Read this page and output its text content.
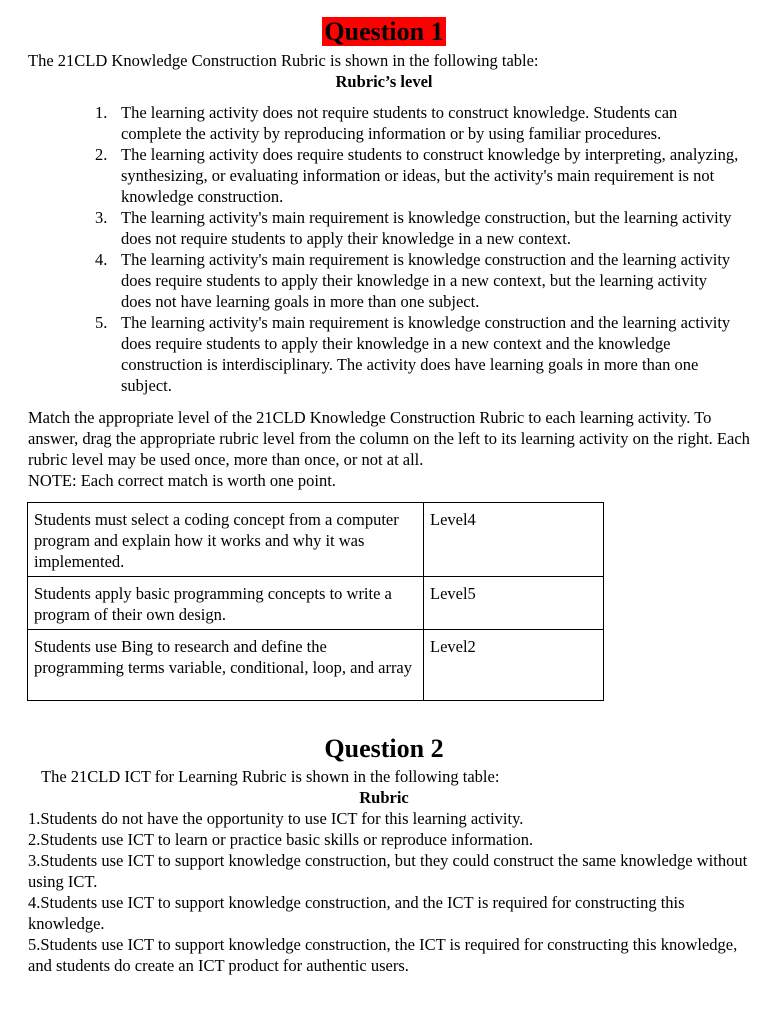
Question 1

The 21CLD Knowledge Construction Rubric is shown in the following table:

Rubric’s level

1. The learning activity does not require students to construct knowledge. Students can complete the activity by reproducing information or by using familiar procedures.
2. The learning activity does require students to construct knowledge by interpreting, analyzing, synthesizing, or evaluating information or ideas, but the activity's main requirement is not knowledge construction.
3. The learning activity's main requirement is knowledge construction, but the learning activity does not require students to apply their knowledge in a new context.
4. The learning activity's main requirement is knowledge construction and the learning activity does require students to apply their knowledge in a new context, but the learning activity does not have learning goals in more than one subject.
5. The learning activity's main requirement is knowledge construction and the learning activity does require students to apply their knowledge in a new context and the knowledge construction is interdisciplinary. The activity does have learning goals in more than one subject.

Match the appropriate level of the 21CLD Knowledge Construction Rubric to each learning activity. To answer, drag the appropriate rubric level from the column on the left to its learning activity on the right. Each rubric level may be used once, more than once, or not at all.

NOTE: Each correct match is worth one point.

Students must select a coding concept from a computer program and explain how it works and why it was implemented.	Level4
Students apply basic programming concepts to write a program of their own design.	Level5
Students use Bing to research and define the programming terms variable, conditional, loop, and array	Level2
Question 2

The 21CLD ICT for Learning Rubric is shown in the following table:

Rubric

1.Students do not have the opportunity to use ICT for this learning activity.

2.Students use ICT to learn or practice basic skills or reproduce information.

3.Students use ICT to support knowledge construction, but they could construct the same knowledge without using ICT.

4.Students use ICT to support knowledge construction, and the ICT is required for constructing this knowledge.

5.Students use ICT to support knowledge construction, the ICT is required for constructing this knowledge, and students do create an ICT product for authentic users.
